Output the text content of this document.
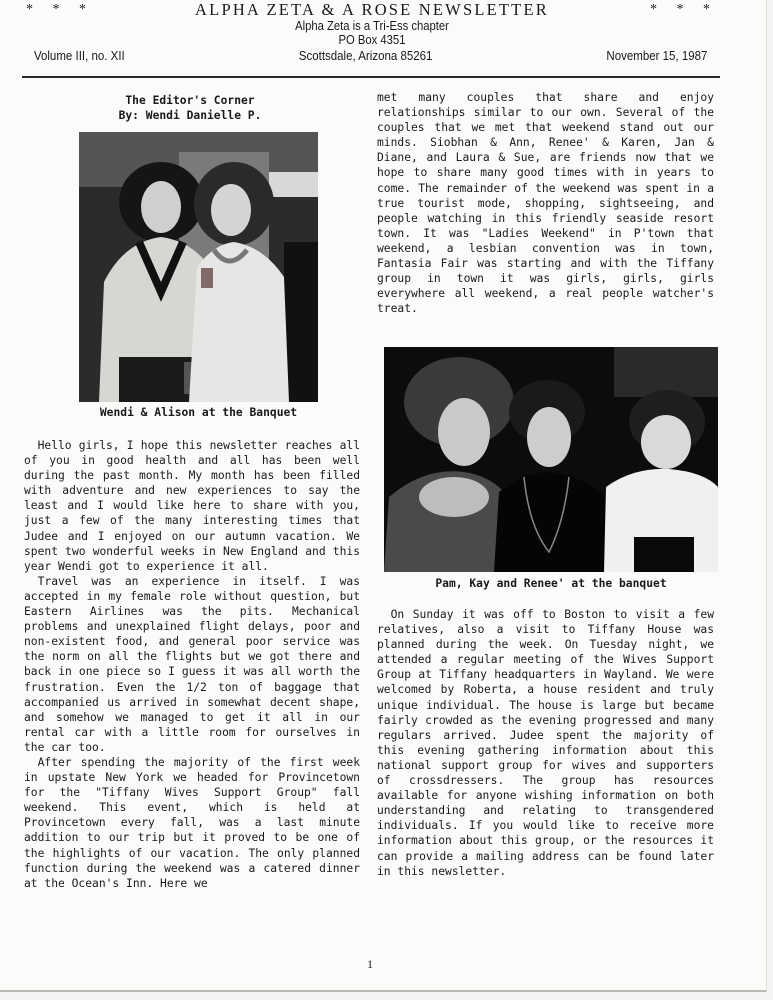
* * *	ALPHA ZETA & A ROSE NEWSLETTER	* * *
Alpha Zeta is a Tri-Ess chapter
PO Box 4351
Volume III, no. XII	Scottsdale, Arizona 85261	November 15, 1987
The Editor's Corner
By: Wendi Danielle P.
Wendi & Alison at the Banquet

Hello girls, I hope this newsletter reaches all of you in good health and all has been well during the past month. My month has been filled with adventure and new experiences to say the least and I would like here to share with you, just a few of the many interesting times that Judee and I enjoyed on our autumn vacation. We spent two wonderful weeks in New England and this year Wendi got to experience it all.

Travel was an experience in itself. I was accepted in my female role without question, but Eastern Airlines was the pits. Mechanical problems and unexplained flight delays, poor and non-existent food, and general poor service was the norm on all the flights but we got there and back in one piece so I guess it was all worth the frustration. Even the 1/2 ton of baggage that accompanied us arrived in somewhat decent shape, and somehow we managed to get it all in our rental car with a little room for ourselves in the car too.

After spending the majority of the first week in upstate New York we headed for Provincetown for the "Tiffany Wives Support Group" fall weekend. This event, which is held at Provincetown every fall, was a last minute addition to our trip but it proved to be one of the highlights of our vacation. The only planned function during the weekend was a catered dinner at the Ocean's Inn. Here we

met many couples that share and enjoy relationships similar to our own. Several of the couples that we met that weekend stand out our minds. Siobhan & Ann, Renee' & Karen, Jan & Diane, and Laura & Sue, are friends now that we hope to share many good times with in years to come. The remainder of the weekend was spent in a true tourist mode, shopping, sightseeing, and people watching in this friendly seaside resort town. It was "Ladies Weekend" in P'town that weekend, a lesbian convention was in town, Fantasia Fair was starting and with the Tiffany group in town it was girls, girls, girls everywhere all weekend, a real people watcher's treat.

Pam, Kay and Renee' at the banquet

On Sunday it was off to Boston to visit a few relatives, also a visit to Tiffany House was planned during the week. On Tuesday night, we attended a regular meeting of the Wives Support Group at Tiffany headquarters in Wayland. We were welcomed by Roberta, a house resident and truly unique individual. The house is large but became fairly crowded as the evening progressed and many regulars arrived. Judee spent the majority of this evening gathering information about this national support group for wives and supporters of crossdressers. The group has resources available for anyone wishing information on both understanding and relating to transgendered individuals. If you would like to receive more information about this group, or the resources it can provide a mailing address can be found later in this newsletter.

1
